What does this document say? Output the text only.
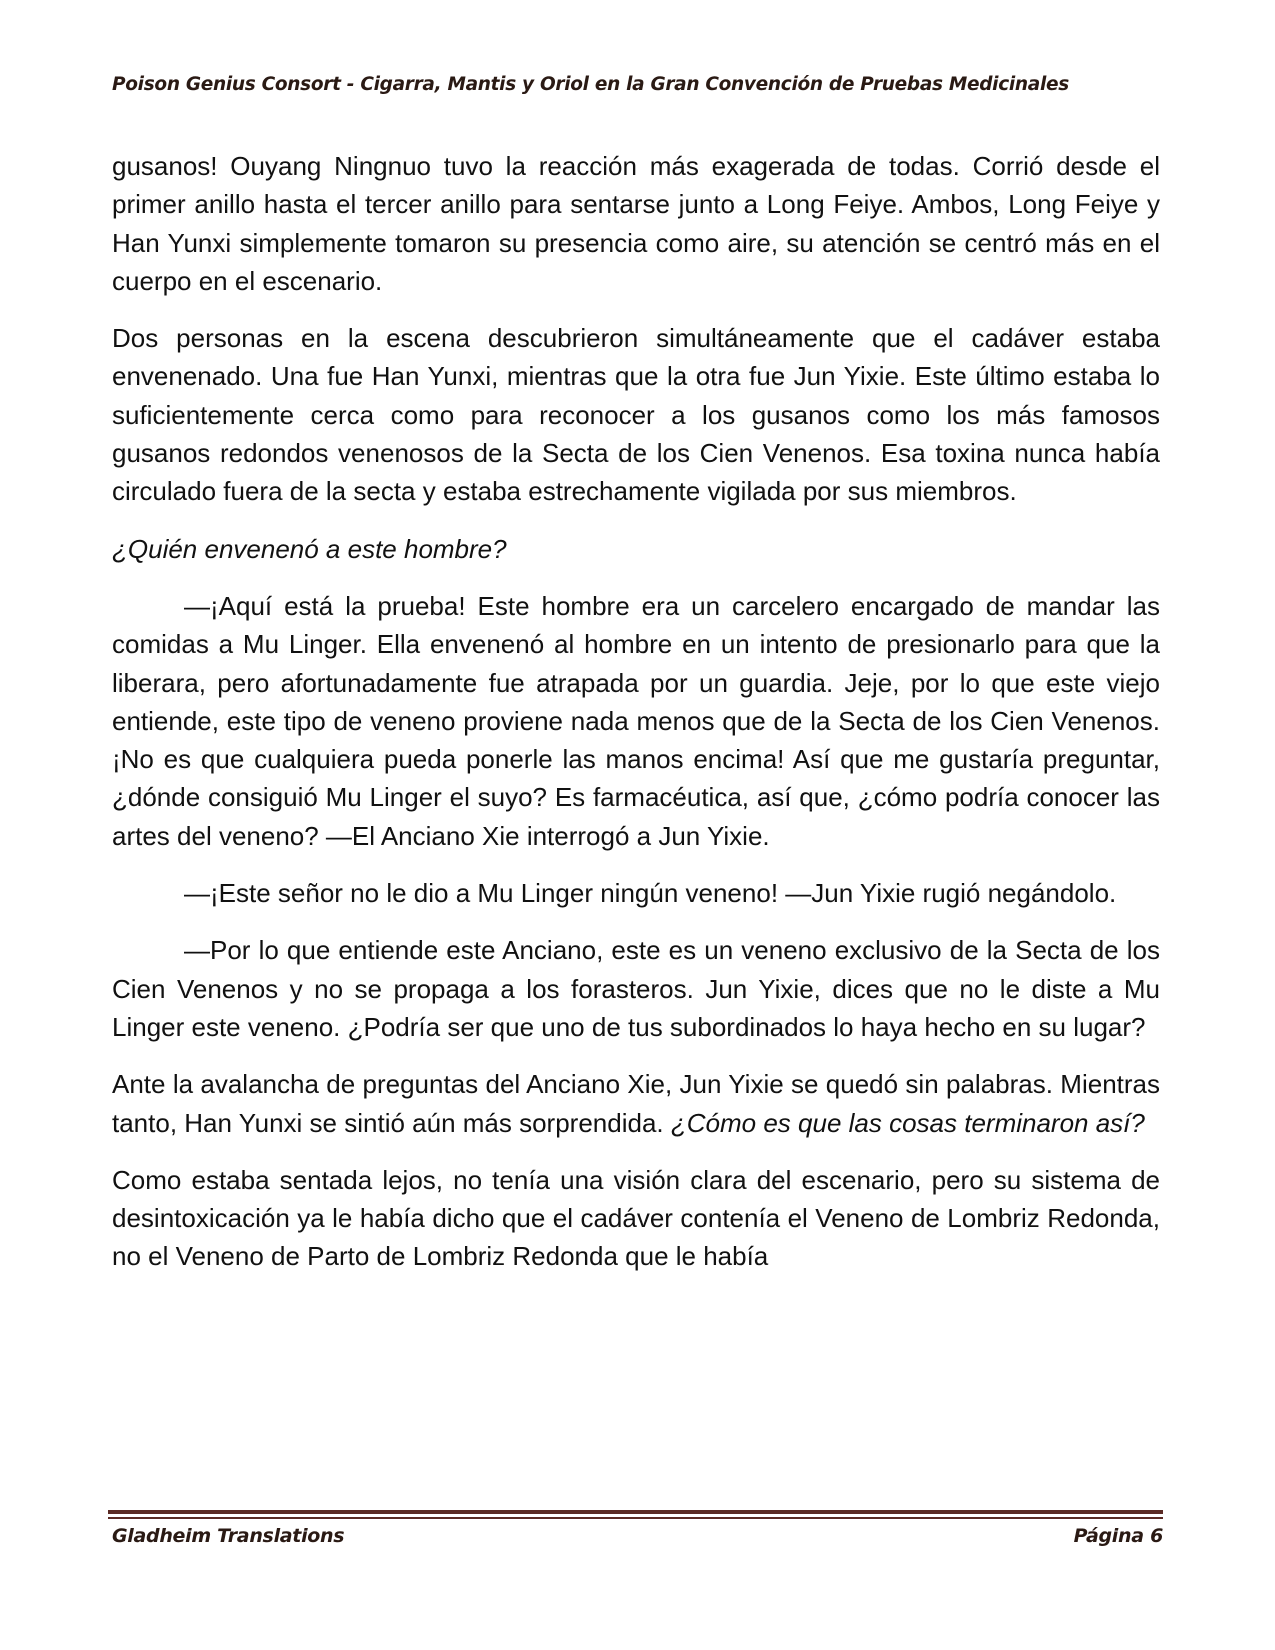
Poison Genius Consort - Cigarra, Mantis y Oriol en la Gran Convención de Pruebas Medicinales

gusanos! Ouyang Ningnuo tuvo la reacción más exagerada de todas. Corrió desde el primer anillo hasta el tercer anillo para sentarse junto a Long Feiye. Ambos, Long Feiye y Han Yunxi simplemente tomaron su presencia como aire, su atención se centró más en el cuerpo en el escenario.

Dos personas en la escena descubrieron simultáneamente que el cadáver estaba envenenado. Una fue Han Yunxi, mientras que la otra fue Jun Yixie. Este último estaba lo suficientemente cerca como para reconocer a los gusanos como los más famosos gusanos redondos venenosos de la Secta de los Cien Venenos. Esa toxina nunca había circulado fuera de la secta y estaba estrechamente vigilada por sus miembros.

¿Quién envenenó a este hombre?

—¡Aquí está la prueba! Este hombre era un carcelero encargado de mandar las comidas a Mu Linger. Ella envenenó al hombre en un intento de presionarlo para que la liberara, pero afortunadamente fue atrapada por un guardia. Jeje, por lo que este viejo entiende, este tipo de veneno proviene nada menos que de la Secta de los Cien Venenos. ¡No es que cualquiera pueda ponerle las manos encima! Así que me gustaría preguntar, ¿dónde consiguió Mu Linger el suyo? Es farmacéutica, así que, ¿cómo podría conocer las artes del veneno? —El Anciano Xie interrogó a Jun Yixie.

—¡Este señor no le dio a Mu Linger ningún veneno! —Jun Yixie rugió negándolo.

—Por lo que entiende este Anciano, este es un veneno exclusivo de la Secta de los Cien Venenos y no se propaga a los forasteros. Jun Yixie, dices que no le diste a Mu Linger este veneno. ¿Podría ser que uno de tus subordinados lo haya hecho en su lugar?

Ante la avalancha de preguntas del Anciano Xie, Jun Yixie se quedó sin palabras. Mientras tanto, Han Yunxi se sintió aún más sorprendida. ¿Cómo es que las cosas terminaron así?

Como estaba sentada lejos, no tenía una visión clara del escenario, pero su sistema de desintoxicación ya le había dicho que el cadáver contenía el Veneno de Lombriz Redonda, no el Veneno de Parto de Lombriz Redonda que le había

Gladheim Translations	Página 6
